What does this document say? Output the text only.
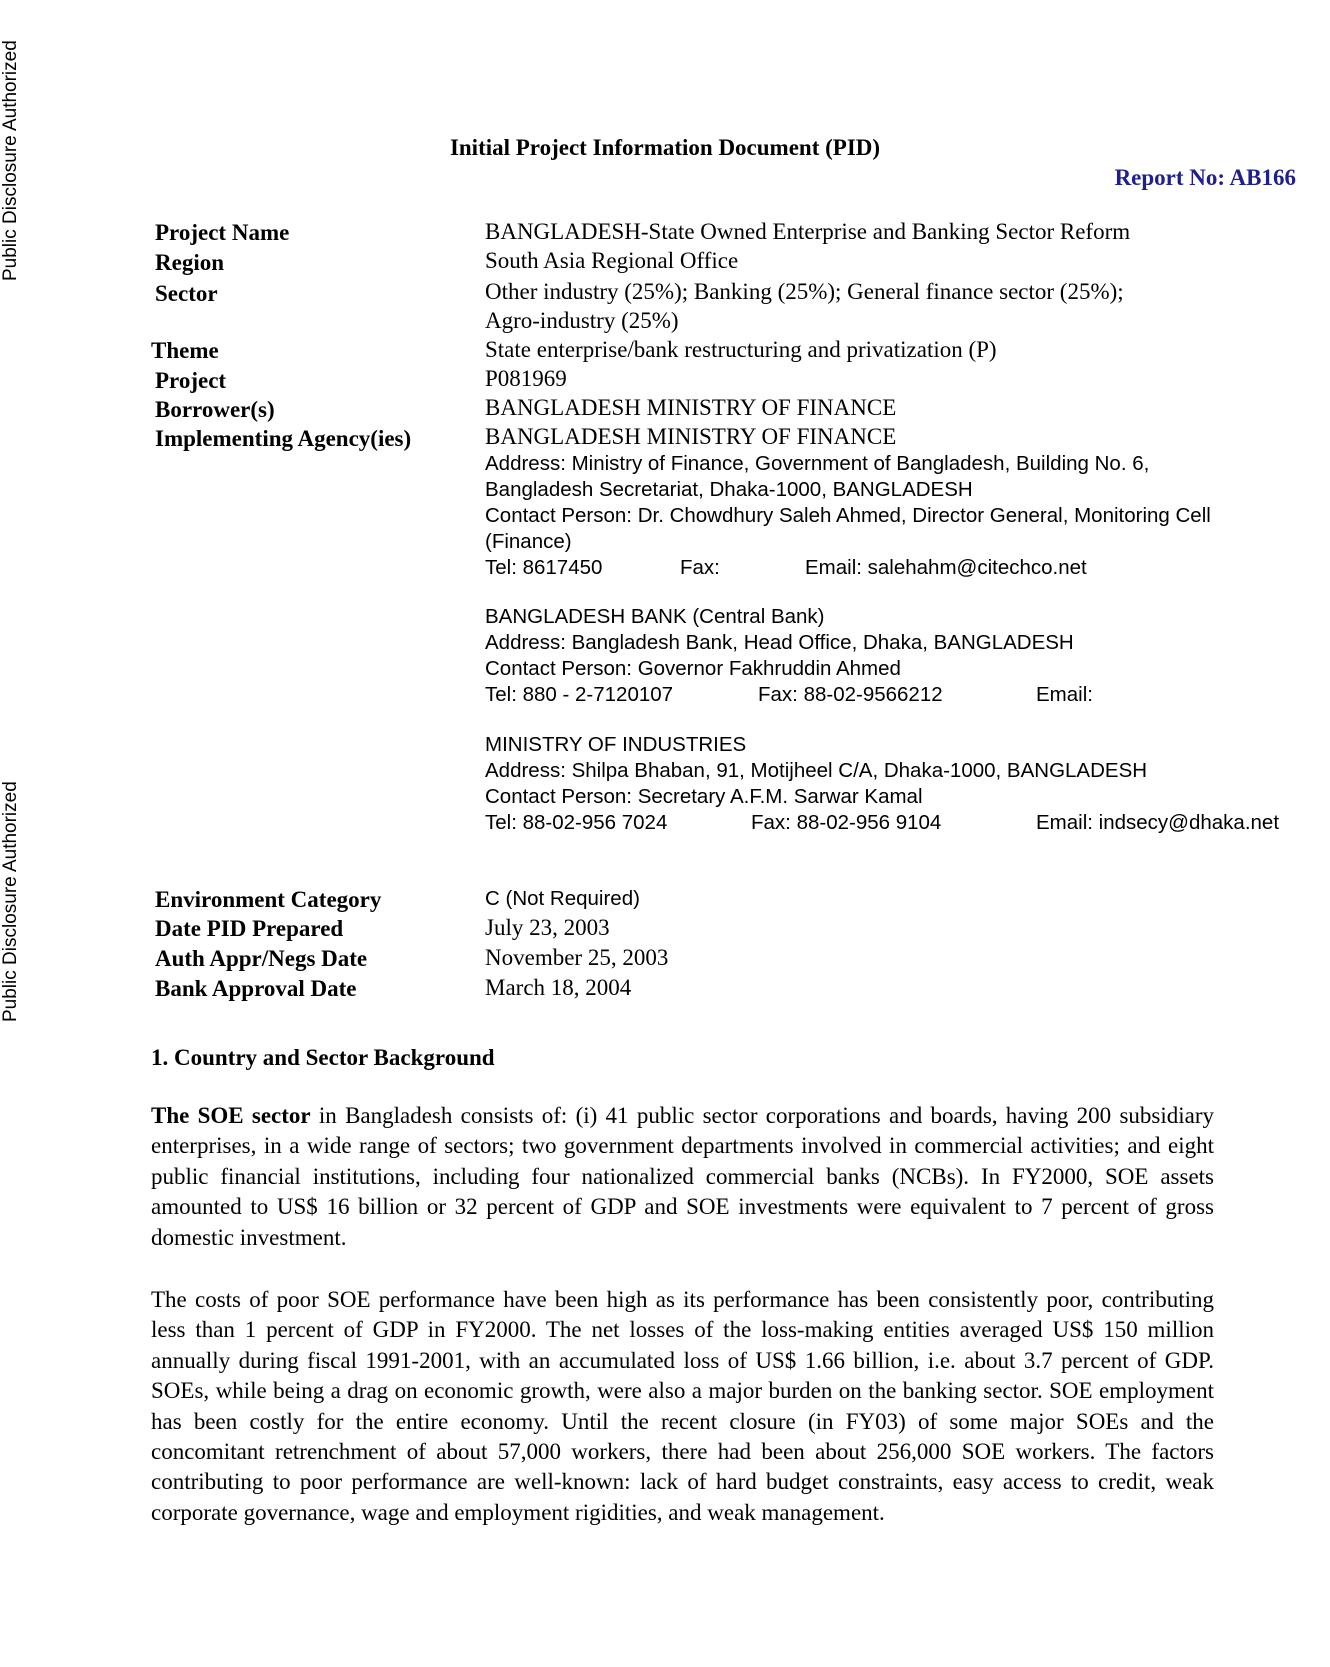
Public Disclosure Authorized
Public Disclosure Authorized
Initial Project Information Document (PID)
Report No: AB166
Project Name	BANGLADESH-State Owned Enterprise and Banking Sector Reform
Region	South Asia Regional Office
Sector	Other industry (25%); Banking (25%); General finance sector (25%);
Agro-industry (25%)
Theme	State enterprise/bank restructuring and privatization (P)
Project	P081969
Borrower(s)	BANGLADESH MINISTRY OF FINANCE
Implementing Agency(ies)	BANGLADESH MINISTRY OF FINANCE
Address: Ministry of Finance, Government of Bangladesh, Building No. 6,
Bangladesh Secretariat, Dhaka-1000, BANGLADESH
Contact Person: Dr. Chowdhury Saleh Ahmed, Director General, Monitoring Cell
(Finance)
Tel: 8617450	Fax:	Email: salehahm@citechco.net
BANGLADESH BANK (Central Bank)
Address: Bangladesh Bank, Head Office, Dhaka, BANGLADESH
Contact Person: Governor Fakhruddin Ahmed
Tel: 880 - 2-7120107	Fax: 88-02-9566212	Email:
MINISTRY OF INDUSTRIES
Address: Shilpa Bhaban, 91, Motijheel C/A, Dhaka-1000, BANGLADESH
Contact Person: Secretary A.F.M. Sarwar Kamal
Tel: 88-02-956 7024	Fax: 88-02-956 9104	Email: indsecy@dhaka.net
Environment Category	C (Not Required)
Date PID Prepared	July 23, 2003
Auth Appr/Negs Date	November 25, 2003
Bank Approval Date	March 18, 2004
1. Country and Sector Background

The SOE sector in Bangladesh consists of: (i) 41 public sector corporations and boards, having 200 subsidiary enterprises, in a wide range of sectors; two government departments involved in commercial activities; and eight public financial institutions, including four nationalized commercial banks (NCBs). In FY2000, SOE assets amounted to US$ 16 billion or 32 percent of GDP and SOE investments were equivalent to 7 percent of gross domestic investment.

The costs of poor SOE performance have been high as its performance has been consistently poor, contributing less than 1 percent of GDP in FY2000. The net losses of the loss-making entities averaged US$ 150 million annually during fiscal 1991-2001, with an accumulated loss of US$ 1.66 billion, i.e. about 3.7 percent of GDP. SOEs, while being a drag on economic growth, were also a major burden on the banking sector. SOE employment has been costly for the entire economy. Until the recent closure (in FY03) of some major SOEs and the concomitant retrenchment of about 57,000 workers, there had been about 256,000 SOE workers. The factors contributing to poor performance are well-known: lack of hard budget constraints, easy access to credit, weak corporate governance, wage and employment rigidities, and weak management.
